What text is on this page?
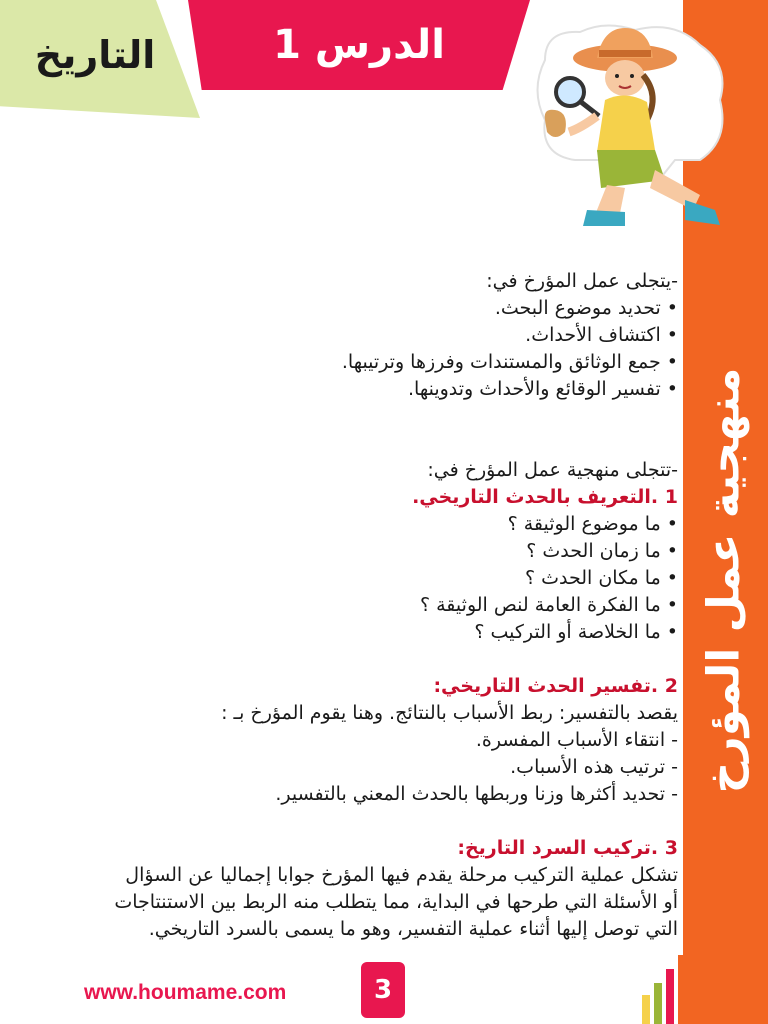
منهجية عمل المؤرخ
التاريخ	الدرس 1

-يتجلى عمل المؤرخ في:

• تحديد موضوع البحث.

• اكتشاف الأحداث.

• جمع الوثائق والمستندات وفرزها وترتيبها.

• تفسير الوقائع والأحداث وتدوينها.

-تتجلى منهجية عمل المؤرخ في:

1 .التعريف بالحدث التاريخي.

• ما موضوع الوثيقة ؟

• ما زمان الحدث ؟

• ما مكان الحدث ؟

• ما الفكرة العامة لنص الوثيقة ؟

• ما الخلاصة أو التركيب ؟

2 .تفسير الحدث التاريخي:

يقصد بالتفسير: ربط الأسباب بالنتائج. وهنا يقوم المؤرخ بـ :

- انتقاء الأسباب المفسرة.

- ترتيب هذه الأسباب.

- تحديد أكثرها وزنا وربطها بالحدث المعني بالتفسير.

3 .تركيب السرد التاريخ:

تشكل عملية التركيب مرحلة يقدم فيها المؤرخ جوابا إجماليا عن السؤال

أو الأسئلة التي طرحها في البداية، مما يتطلب منه الربط بين الاستنتاجات

التي توصل إليها أثناء عملية التفسير، وهو ما يسمى بالسرد التاريخي.

www.houmame.com	3
